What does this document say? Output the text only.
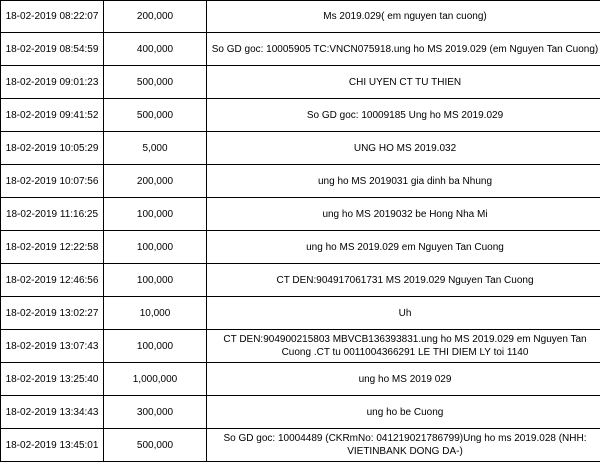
18-02-2019 08:22:07	200,000	Ms 2019.029( em nguyen tan cuong)
18-02-2019 08:54:59	400,000	So GD goc: 10005905 TC:VNCN075918.ung ho MS 2019.029 (em Nguyen Tan Cuong)
18-02-2019 09:01:23	500,000	CHI UYEN CT TU THIEN
18-02-2019 09:41:52	500,000	So GD goc: 10009185 Ung ho MS 2019.029
18-02-2019 10:05:29	5,000	UNG HO MS 2019.032
18-02-2019 10:07:56	200,000	ung ho MS 2019031 gia dinh ba Nhung
18-02-2019 11:16:25	100,000	ung ho MS 2019032 be Hong Nha Mi
18-02-2019 12:22:58	100,000	ung ho MS 2019.029 em Nguyen Tan Cuong
18-02-2019 12:46:56	100,000	CT DEN:904917061731 MS 2019.029 Nguyen Tan Cuong
18-02-2019 13:02:27	10,000	Uh
18-02-2019 13:07:43	100,000	CT DEN:904900215803 MBVCB136393831.ung ho MS 2019.029 em Nguyen Tan Cuong .CT tu 0011004366291 LE THI DIEM LY toi 1140
18-02-2019 13:25:40	1,000,000	ung ho MS 2019 029
18-02-2019 13:34:43	300,000	ung ho be Cuong
18-02-2019 13:45:01	500,000	So GD goc: 10004489 (CKRmNo: 041219021786799)Ung ho ms 2019.028 (NHH: VIETINBANK DONG DA-)
